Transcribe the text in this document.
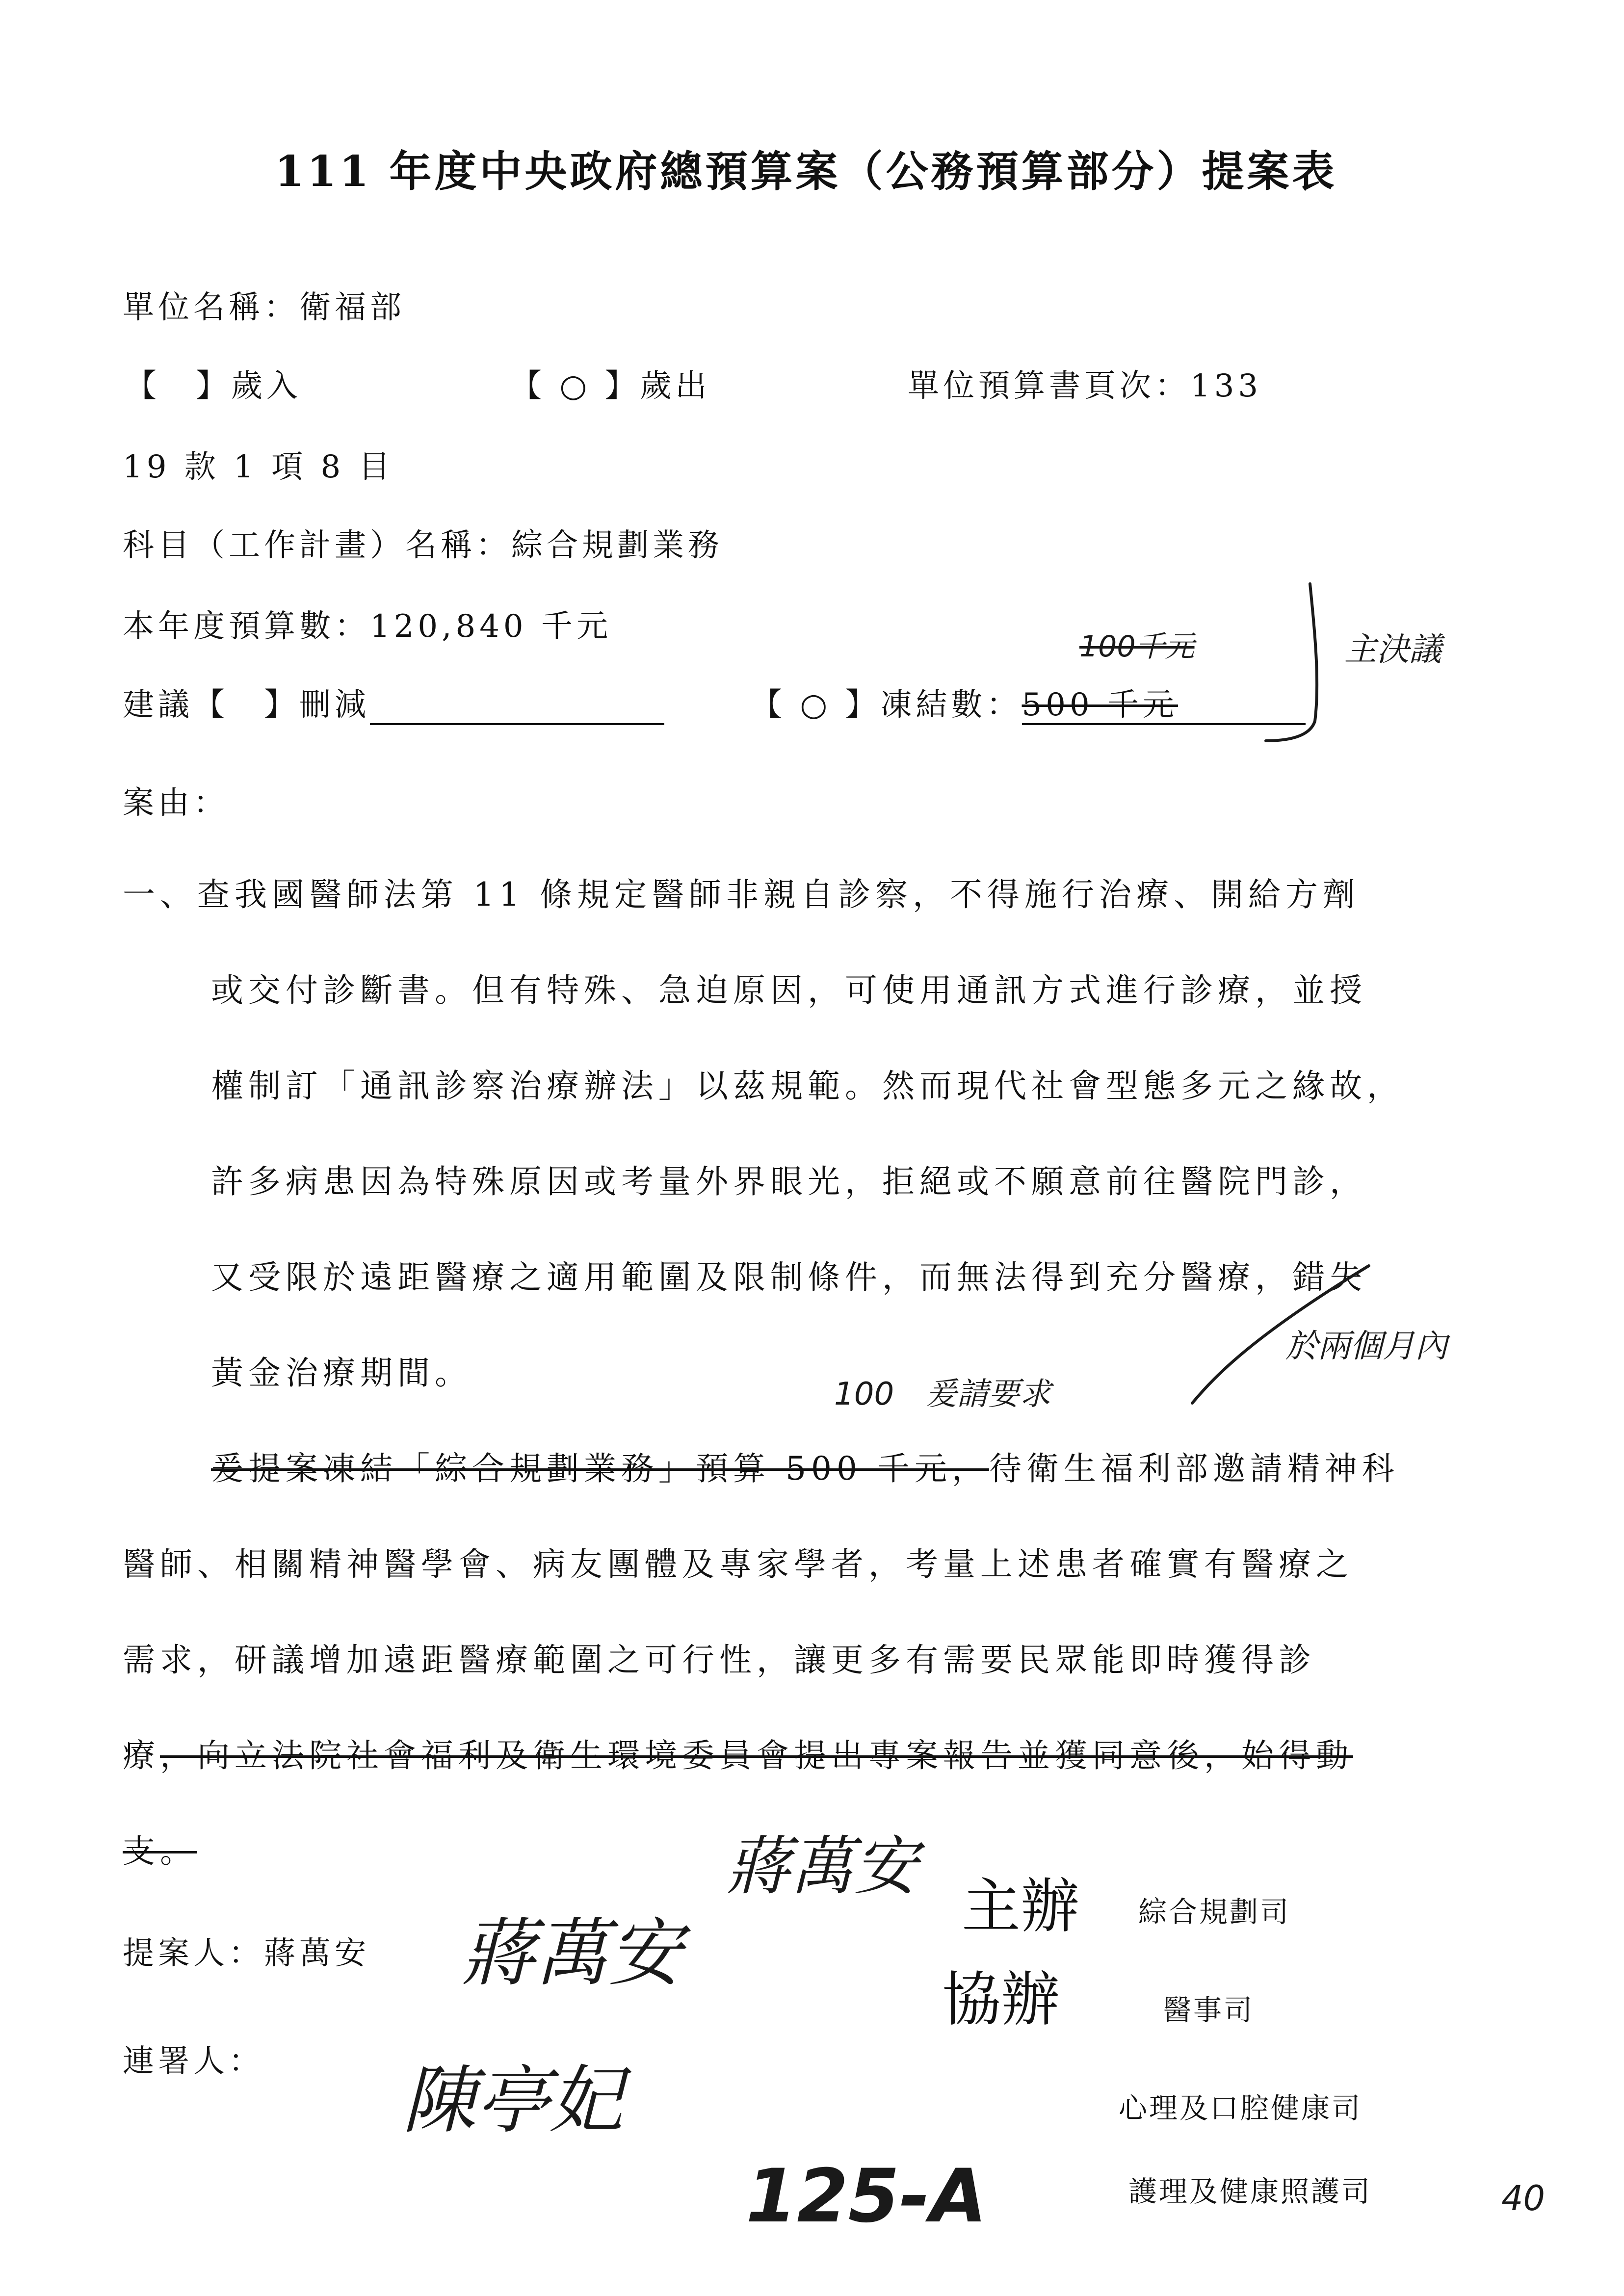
111 年度中央政府總預算案（公務預算部分）提案表
單位名稱：衛福部
【　】歲入	【 ○ 】歲出	單位預算書頁次：133
19 款 1 項 8 目
科目（工作計畫）名稱：綜合規劃業務
本年度預算數：120,840 千元
建議【　】刪減	【 ○ 】凍結數：500 千元
100千元	主決議
案由：
一、查我國醫師法第 11 條規定醫師非親自診察，不得施行治療、開給方劑
或交付診斷書。但有特殊、急迫原因，可使用通訊方式進行診療，並授
權制訂「通訊診察治療辦法」以茲規範。然而現代社會型態多元之緣故，
許多病患因為特殊原因或考量外界眼光，拒絕或不願意前往醫院門診，
又受限於遠距醫療之適用範圍及限制條件，而無法得到充分醫療，錯失
黃金治療期間。
100　爰請要求
於兩個月內
爰提案凍結「綜合規劃業務」預算 500 千元，待衛生福利部邀請精神科
醫師、相關精神醫學會、病友團體及專家學者，考量上述患者確實有醫療之
需求，研議增加遠距醫療範圍之可行性，讓更多有需要民眾能即時獲得診
療，向立法院社會福利及衛生環境委員會提出專案報告並獲同意後，始得動
支。
提案人：蔣萬安 蔣萬安
蔣萬安
主辦 綜合規劃司
協辦	醫事司
心理及口腔健康司
護理及健康照護司
連署人： 陳亭妃
125-A	40
